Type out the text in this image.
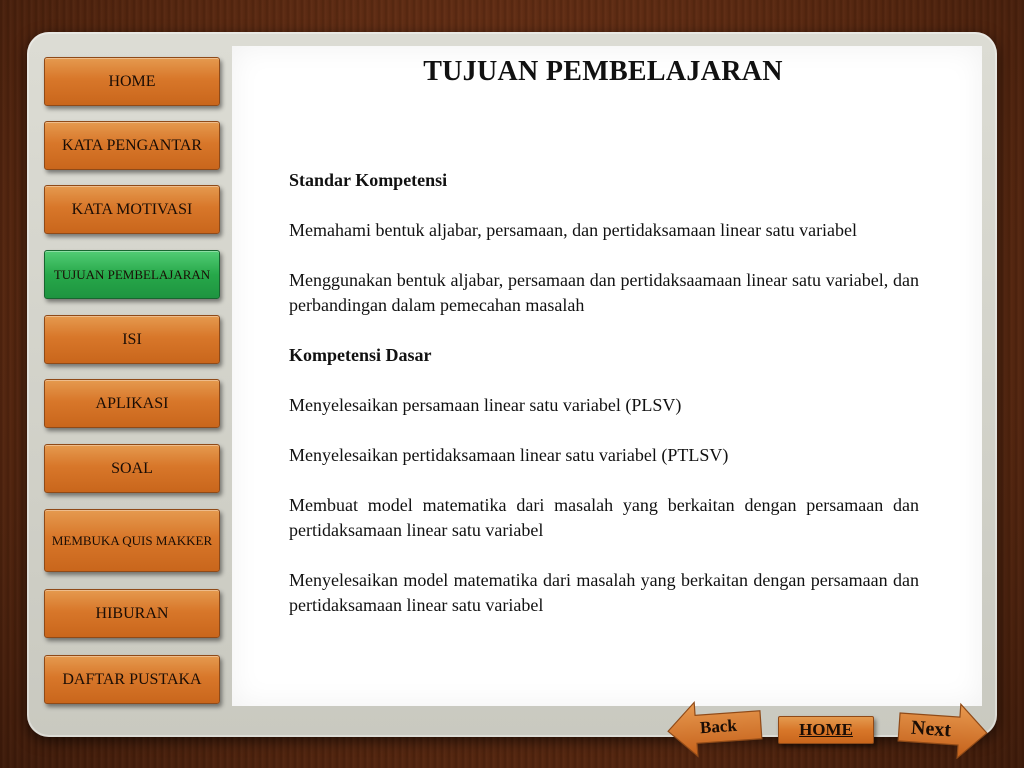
HOME
KATA PENGANTAR
KATA MOTIVASI
TUJUAN PEMBELAJARAN
ISI
APLIKASI
SOAL
MEMBUKA QUIS MAKKER
HIBURAN
DAFTAR PUSTAKA
TUJUAN PEMBELAJARAN

Standar Kompetensi

Memahami bentuk aljabar, persamaan, dan pertidaksamaan linear satu variabel

Menggunakan bentuk aljabar, persamaan dan pertidaksaamaan linear satu variabel, dan perbandingan dalam pemecahan masalah

Kompetensi Dasar

Menyelesaikan persamaan linear satu variabel (PLSV)

Menyelesaikan pertidaksamaan linear satu variabel (PTLSV)

Membuat model matematika dari masalah yang berkaitan dengan persamaan dan pertidaksamaan linear satu variabel

Menyelesaikan model matematika dari masalah yang berkaitan dengan persamaan dan pertidaksamaan linear satu variabel

Back	HOME	Next
